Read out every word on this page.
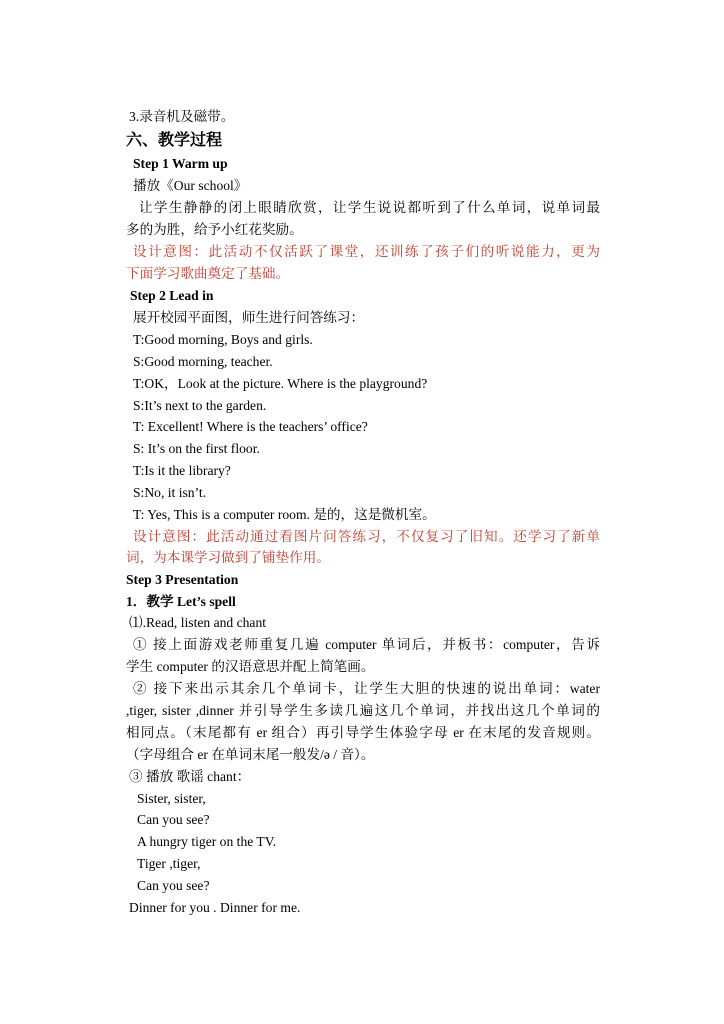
3.录音机及磁带。
六、教学过程
Step 1 Warm up
播放《Our school》
让学生静静的闭上眼睛欣赏，让学生说说都听到了什么单词，说单词最
多的为胜，给予小红花奖励。
设计意图：此活动不仅活跃了课堂，还训练了孩子们的听说能力，更为
下面学习歌曲奠定了基础。
Step 2 Lead in
展开校园平面图，师生进行问答练习：
T:Good morning, Boys and girls.
S:Good morning, teacher.
T:OK，Look at the picture. Where is the playground?
S:It’s next to the garden.
T: Excellent! Where is the teachers’ office?
S: It’s on the first floor.
T:Is it the library?
S:No, it isn’t.
T: Yes, This is a computer room. 是的，这是微机室。
设计意图：此活动通过看图片问答练习，不仅复习了旧知。还学习了新单
词，为本课学习做到了铺垫作用。
Step 3 Presentation
1．教学 Let’s spell
⑴.Read, listen and chant
① 接上面游戏老师重复几遍 computer 单词后，并板书：computer，告诉
学生 computer 的汉语意思并配上简笔画。
② 接下来出示其余几个单词卡，让学生大胆的快速的说出单词：water
,tiger, sister ,dinner 并引导学生多读几遍这几个单词，并找出这几个单词的
相同点。（末尾都有 er 组合）再引导学生体验字母 er 在末尾的发音规则。
（字母组合 er 在单词末尾一般发/ə / 音）。
③ 播放 歌谣 chant：
Sister, sister,
Can you see?
A hungry tiger on the TV.
Tiger ,tiger,
Can you see?
Dinner for you . Dinner for me.
